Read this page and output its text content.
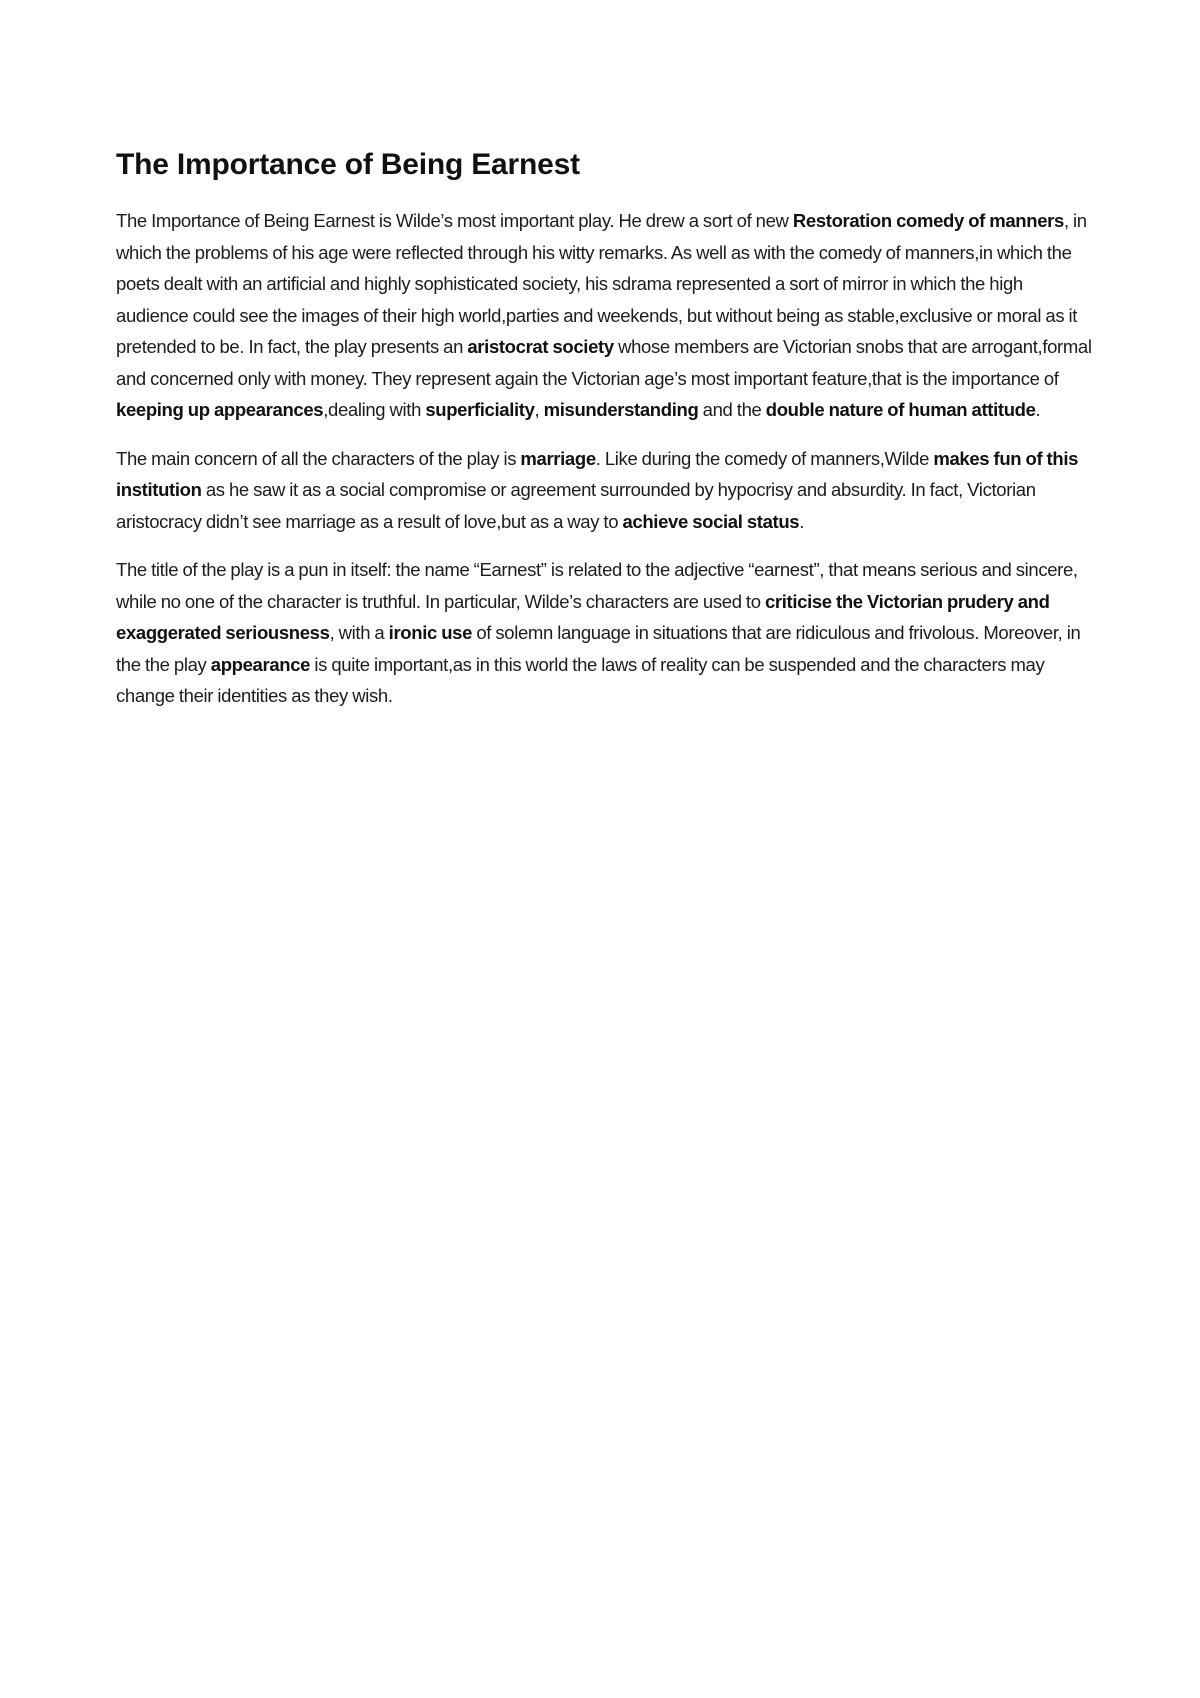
The Importance of Being Earnest

The Importance of Being Earnest is Wilde’s most important play. He drew a sort of new Restoration comedy of manners, in which the problems of his age were reflected through his witty remarks. As well as with the comedy of manners,in which the poets dealt with an artificial and highly sophisticated society, his sdrama represented a sort of mirror in which the high audience could see the images of their high world,parties and weekends, but without being as stable,exclusive or moral as it pretended to be. In fact, the play presents an aristocrat society whose members are Victorian snobs that are arrogant,formal and concerned only with money. They represent again the Victorian age’s most important feature,that is the importance of keeping up appearances,dealing with superficiality, misunderstanding and the double nature of human attitude.

The main concern of all the characters of the play is marriage. Like during the comedy of manners,Wilde makes fun of this institution as he saw it as a social compromise or agreement surrounded by hypocrisy and absurdity. In fact, Victorian aristocracy didn’t see marriage as a result of love,but as a way to achieve social status.

The title of the play is a pun in itself: the name “Earnest” is related to the adjective “earnest”, that means serious and sincere, while no one of the character is truthful. In particular, Wilde’s characters are used to criticise the Victorian prudery and exaggerated seriousness, with a ironic use of solemn language in situations that are ridiculous and frivolous. Moreover, in the the play appearance is quite important,as in this world the laws of reality can be suspended and the characters may change their identities as they wish.
